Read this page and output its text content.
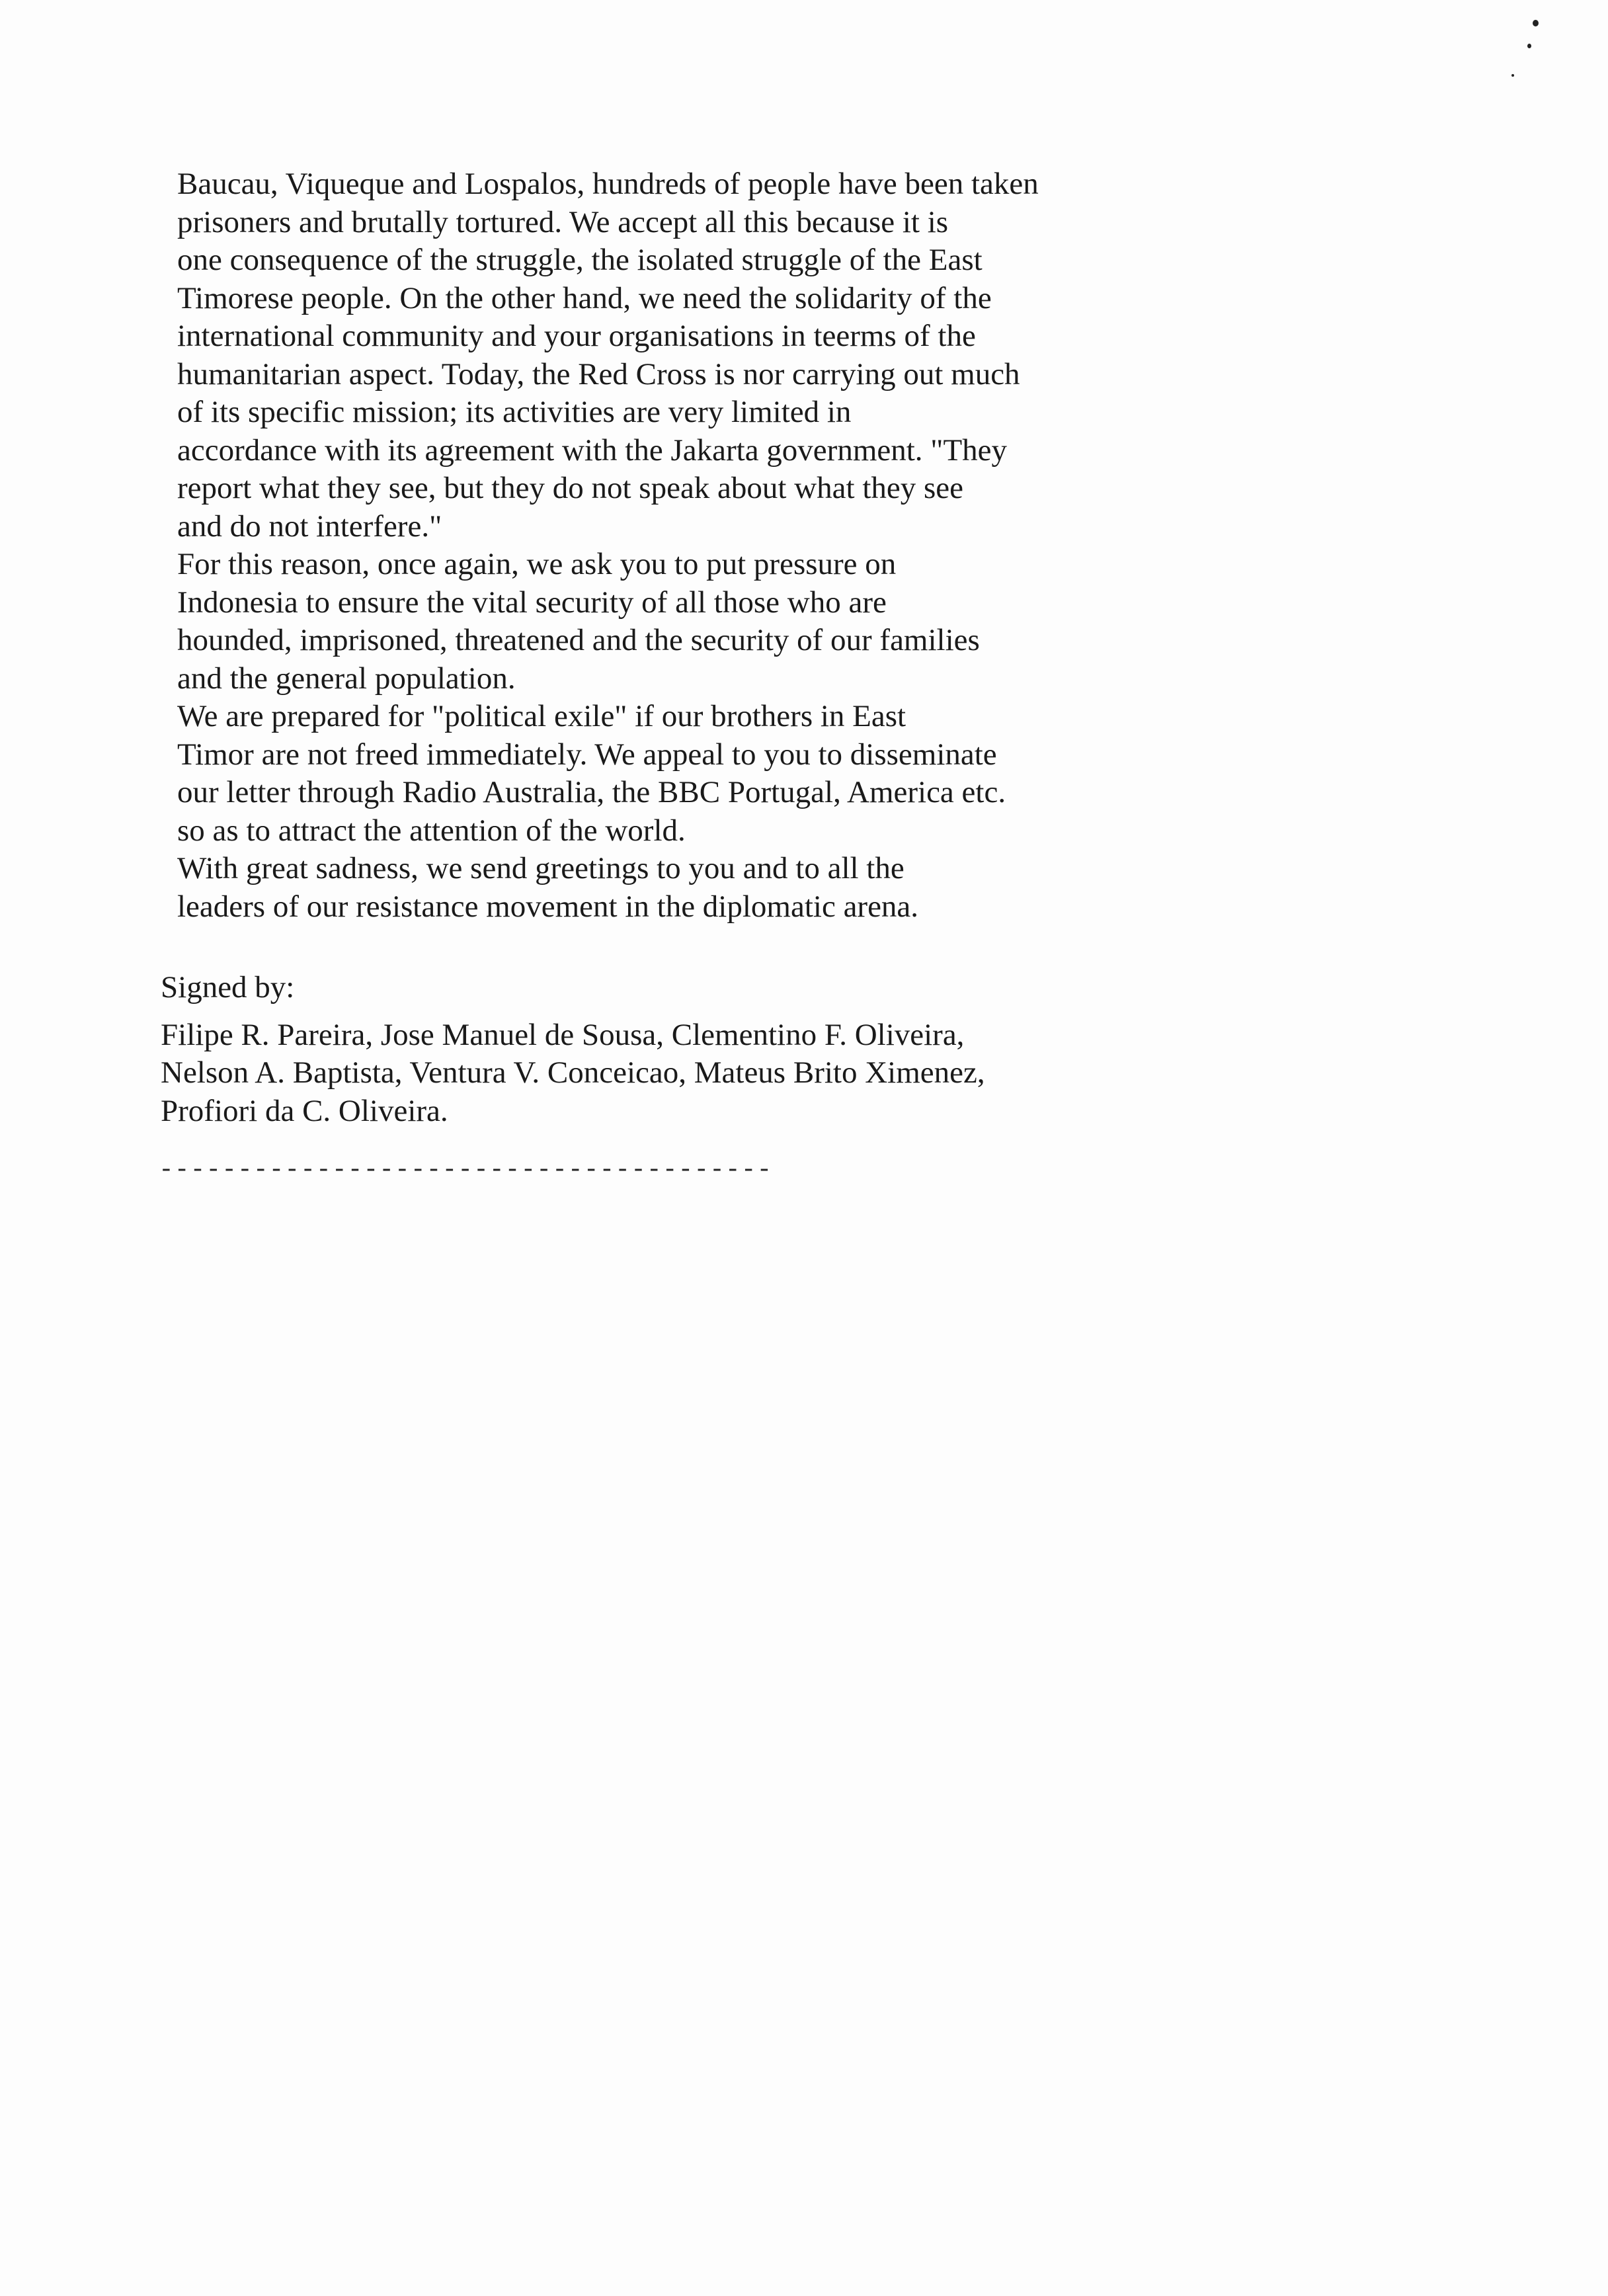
Baucau, Viqueque and Lospalos, hundreds of people have been taken
prisoners and brutally tortured. We accept all this because it is
one consequence of the struggle, the isolated struggle of the East
Timorese people. On the other hand, we need the solidarity of the
international community and your organisations in teerms of the
humanitarian aspect. Today, the Red Cross is nor carrying out much
of its specific mission; its activities are very limited in
accordance with its agreement with the Jakarta government. "They
report what they see, but they do not speak about what they see
and do not interfere."
For this reason, once again, we ask you to put pressure on
Indonesia to ensure the vital security of all those who are
hounded, imprisoned, threatened and the security of our families
and the general population.
We are prepared for "political exile" if our brothers in East
Timor are not freed immediately. We appeal to you to disseminate
our letter through Radio Australia, the BBC Portugal, America etc.
so as to attract the attention of the world.
With great sadness, we send greetings to you and to all the
leaders of our resistance movement in the diplomatic arena.
Signed by:
Filipe R. Pareira, Jose Manuel de Sousa, Clementino F. Oliveira,
Nelson A. Baptista, Ventura V. Conceicao, Mateus Brito Ximenez,
Profiori da C. Oliveira.
---------------------------------------
